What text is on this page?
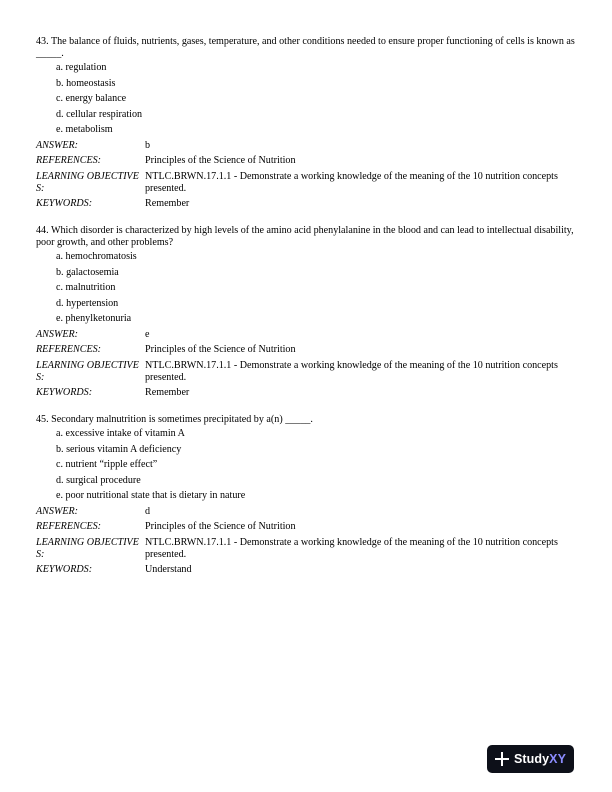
43. The balance of fluids, nutrients, gases, temperature, and other conditions needed to ensure proper functioning of cells is known as _____.

a. regulation
b. homeostasis
c. energy balance
d. cellular respiration
e. metabolism
ANSWER:	b
REFERENCES:	Principles of the Science of Nutrition
LEARNING OBJECTIVES:
NTLC.BRWN.17.1.1 - Demonstrate a working knowledge of the meaning of the 10 nutrition concepts presented.
KEYWORDS:	Remember

44. Which disorder is characterized by high levels of the amino acid phenylalanine in the blood and can lead to intellectual disability, poor growth, and other problems?

a. hemochromatosis
b. galactosemia
c. malnutrition
d. hypertension
e. phenylketonuria
ANSWER:	e
REFERENCES:	Principles of the Science of Nutrition
LEARNING OBJECTIVES:
NTLC.BRWN.17.1.1 - Demonstrate a working knowledge of the meaning of the 10 nutrition concepts presented.
KEYWORDS:	Remember

45. Secondary malnutrition is sometimes precipitated by a(n) _____.

a. excessive intake of vitamin A
b. serious vitamin A deficiency
c. nutrient “ripple effect”
d. surgical procedure
e. poor nutritional state that is dietary in nature
ANSWER:	d
REFERENCES:	Principles of the Science of Nutrition
LEARNING OBJECTIVES:
NTLC.BRWN.17.1.1 - Demonstrate a working knowledge of the meaning of the 10 nutrition concepts presented.
KEYWORDS:	Understand
StudyXY
